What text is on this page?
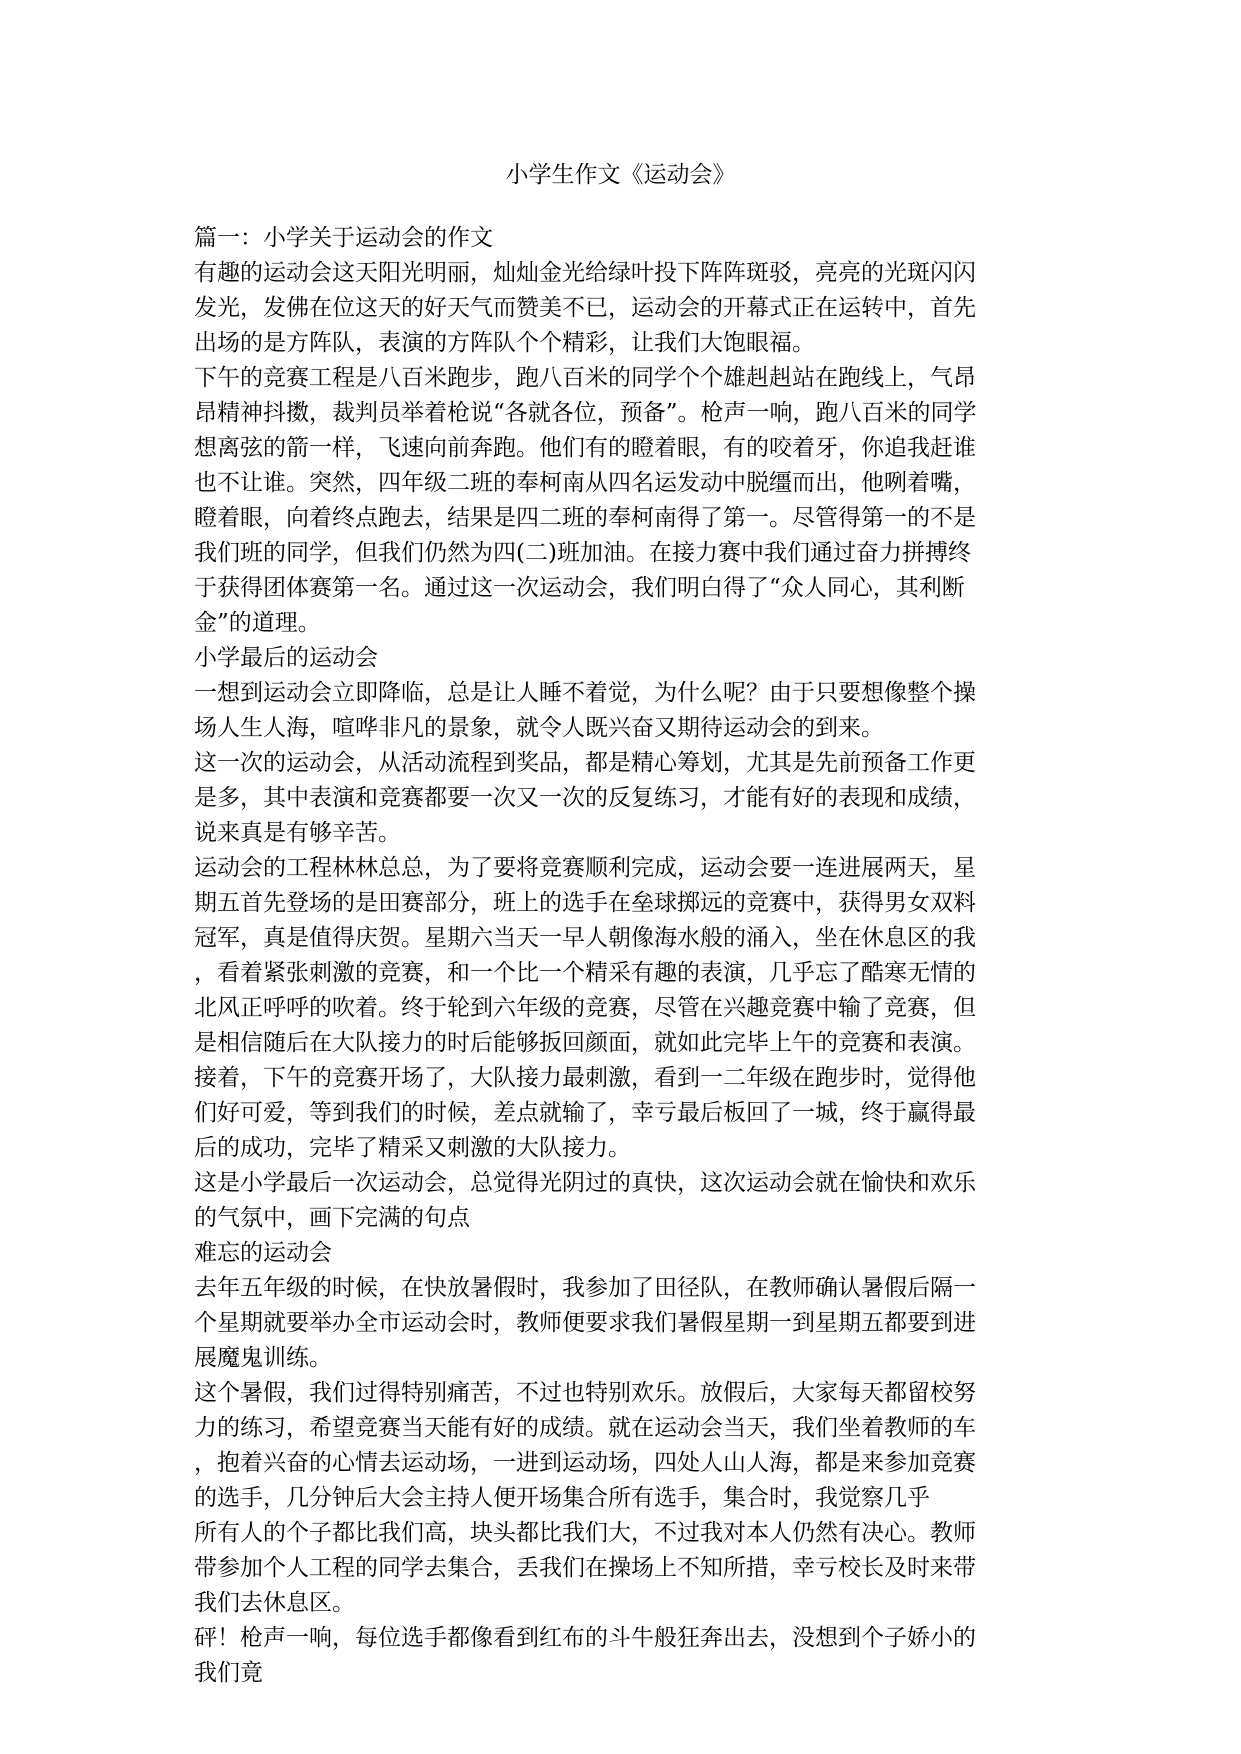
小学生作文《运动会》
篇一：小学关于运动会的作文
有趣的运动会这天阳光明丽，灿灿金光给绿叶投下阵阵斑驳，亮亮的光斑闪闪
发光，发佛在位这天的好天气而赞美不已，运动会的开幕式正在运转中，首先
出场的是方阵队，表演的方阵队个个精彩，让我们大饱眼福。
下午的竞赛工程是八百米跑步，跑八百米的同学个个雄赳赳站在跑线上，气昂
昂精神抖擞，裁判员举着枪说“各就各位，预备”。枪声一响，跑八百米的同学
想离弦的箭一样，飞速向前奔跑。他们有的瞪着眼，有的咬着牙，你追我赶谁
也不让谁。突然，四年级二班的奉柯南从四名运发动中脱缰而出，他咧着嘴，
瞪着眼，向着终点跑去，结果是四二班的奉柯南得了第一。尽管得第一的不是
我们班的同学，但我们仍然为四(二)班加油。在接力赛中我们通过奋力拼搏终
于获得团体赛第一名。通过这一次运动会，我们明白得了“众人同心，其利断
金”的道理。
小学最后的运动会
一想到运动会立即降临，总是让人睡不着觉，为什么呢？由于只要想像整个操
场人生人海，喧哗非凡的景象，就令人既兴奋又期待运动会的到来。
这一次的运动会，从活动流程到奖品，都是精心筹划，尤其是先前预备工作更
是多，其中表演和竞赛都要一次又一次的反复练习，才能有好的表现和成绩，
说来真是有够辛苦。
运动会的工程林林总总，为了要将竞赛顺利完成，运动会要一连进展两天，星
期五首先登场的是田赛部分，班上的选手在垒球掷远的竞赛中，获得男女双料
冠军，真是值得庆贺。星期六当天一早人朝像海水般的涌入，坐在休息区的我
，看着紧张刺激的竞赛，和一个比一个精采有趣的表演，几乎忘了酷寒无情的
北风正呼呼的吹着。终于轮到六年级的竞赛，尽管在兴趣竞赛中输了竞赛，但
是相信随后在大队接力的时后能够扳回颜面，就如此完毕上午的竞赛和表演。
接着，下午的竞赛开场了，大队接力最刺激，看到一二年级在跑步时，觉得他
们好可爱，等到我们的时候，差点就输了，幸亏最后板回了一城，终于赢得最
后的成功，完毕了精采又刺激的大队接力。
这是小学最后一次运动会，总觉得光阴过的真快，这次运动会就在愉快和欢乐
的气氛中，画下完满的句点
难忘的运动会
去年五年级的时候，在快放暑假时，我参加了田径队，在教师确认暑假后隔一
个星期就要举办全市运动会时，教师便要求我们暑假星期一到星期五都要到进
展魔鬼训练。
这个暑假，我们过得特别痛苦，不过也特别欢乐。放假后，大家每天都留校努
力的练习，希望竞赛当天能有好的成绩。就在运动会当天，我们坐着教师的车
，抱着兴奋的心情去运动场，一进到运动场，四处人山人海，都是来参加竞赛
的选手，几分钟后大会主持人便开场集合所有选手，集合时，我觉察几乎
所有人的个子都比我们高，块头都比我们大，不过我对本人仍然有决心。教师
带参加个人工程的同学去集合，丢我们在操场上不知所措，幸亏校长及时来带
我们去休息区。
砰！枪声一响，每位选手都像看到红布的斗牛般狂奔出去，没想到个子娇小的
我们竟
